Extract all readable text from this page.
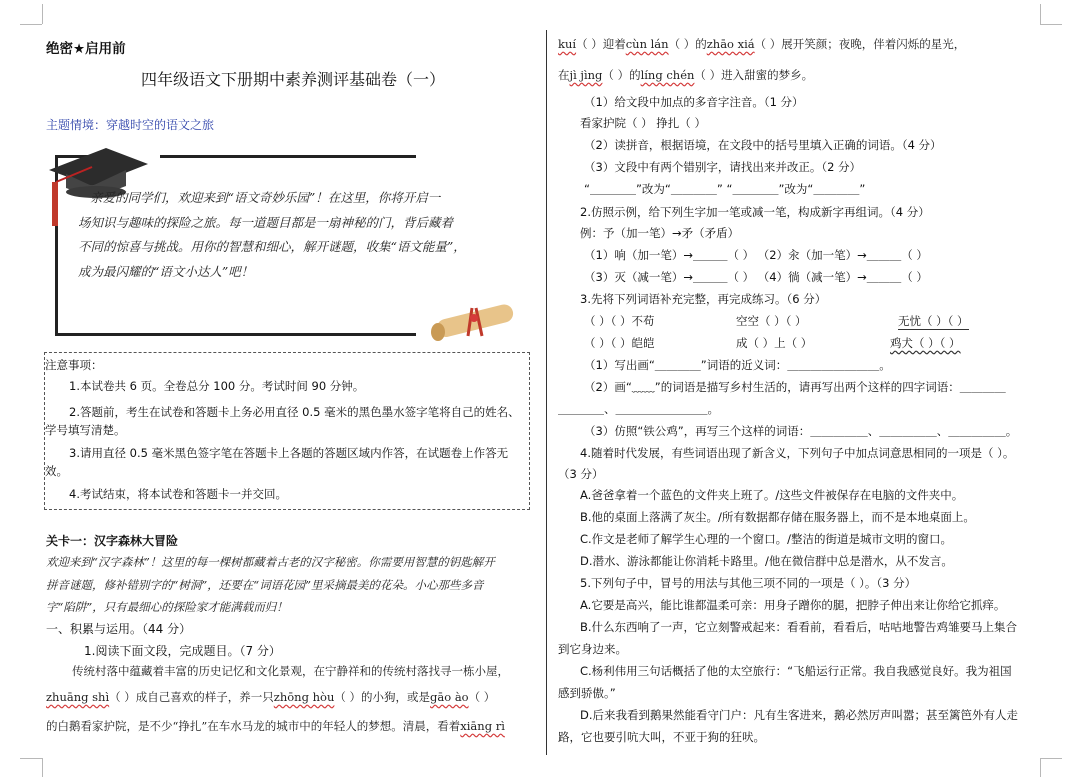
绝密★启用前
四年级语文下册期中素养测评基础卷（一）
主题情境：穿越时空的语文之旅
亲爱的同学们，欢迎来到“语文奇妙乐园”！在这里，你将开启一
场知识与趣味的探险之旅。每一道题目都是一扇神秘的门，背后藏着
不同的惊喜与挑战。用你的智慧和细心，解开谜题，收集“语文能量”，
成为最闪耀的“语文小达人”吧！
注意事项：
1.本试卷共 6 页。全卷总分 100 分。考试时间 90 分钟。
2.答题前，考生在试卷和答题卡上务必用直径 0.5 毫米的黑色墨水签字笔将自己的姓名、
学号填写清楚。
3.请用直径 0.5 毫米黑色签字笔在答题卡上各题的答题区域内作答，在试题卷上作答无
效。
4.考试结束，将本试卷和答题卡一并交回。
关卡一：汉字森林大冒险
欢迎来到“汉字森林”！这里的每一棵树都藏着古老的汉字秘密。你需要用智慧的钥匙解开
拼音谜题，修补错别字的“树洞”，还要在“词语花园”里采摘最美的花朵。小心那些多音
字“陷阱”，只有最细心的探险家才能满载而归！
一、积累与运用。（44 分）
1.阅读下面文段，完成题目。（7 分）
传统村落中蕴藏着丰富的历史记忆和文化景观，在宁静祥和的传统村落找寻一栋小屋，
zhuāng shì（ ）成自己喜欢的样子，养一只zhōng hòu（ ）的小狗，或是gāo ào（ ）
的白鹅看家护院，是不少“挣扎”在车水马龙的城市中的年轻人的梦想。清晨，看着xiāng rì
kuí（ ）迎着cùn lán（ ）的zhāo xiá（ ）展开笑颜；夜晚，伴着闪烁的星光，
在jì jìng（ ）的líng chén（ ）进入甜蜜的梦乡。
（1）给文段中加点的多音字注音。（1 分）
看家护院（ ） 挣扎（ ）
（2）读拼音，根据语境，在文段中的括号里填入正确的词语。（4 分）
（3）文段中有两个错别字，请找出来并改正。（2 分）
“＿＿＿＿”改为“＿＿＿＿” “＿＿＿＿”改为“＿＿＿＿”
2.仿照示例，给下列生字加一笔或减一笔，构成新字再组词。（4 分）
例：予（加一笔）→矛（矛盾）
（1）响（加一笔）→＿＿＿（ ） （2）汆（加一笔）→＿＿＿（ ）
（3）灭（减一笔）→＿＿＿（ ） （4）徜（减一笔）→＿＿＿（ ）
3.先将下列词语补充完整，再完成练习。（6 分）
（ ）（ ）不苟	空空（ ）（ ）	无忧（ ）（ ）
（ ）（ ）皑皑	成（ ）上（ ）	鸡犬（ ）（ ）
（1）写出画“＿＿＿＿”词语的近义词：＿＿＿＿＿＿＿＿。
（2）画“﹏﹏”的词语是描写乡村生活的，请再写出两个这样的四字词语：＿＿＿＿
＿＿＿＿、＿＿＿＿＿＿＿＿。
（3）仿照“铁公鸡”，再写三个这样的词语：＿＿＿＿＿、＿＿＿＿＿、＿＿＿＿＿。
4.随着时代发展，有些词语出现了新含义，下列句子中加点词意思相同的一项是（ ）。
（3 分）
A.爸爸拿着一个蓝色的文件夹上班了。/这些文件被保存在电脑的文件夹中。
B.他的桌面上落满了灰尘。/所有数据都存储在服务器上，而不是本地桌面上。
C.作文是老师了解学生心理的一个窗口。/整洁的街道是城市文明的窗口。
D.潜水、游泳都能让你消耗卡路里。/他在微信群中总是潜水，从不发言。
5.下列句子中，冒号的用法与其他三项不同的一项是（ ）。（3 分）
A.它要是高兴，能比谁都温柔可亲：用身子蹭你的腿，把脖子伸出来让你给它抓痒。
B.什么东西响了一声，它立刻警戒起来：看看前，看看后，咕咕地警告鸡雏要马上集合
到它身边来。
C.杨利伟用三句话概括了他的太空旅行：“飞船运行正常。我自我感觉良好。我为祖国
感到骄傲。”
D.后来我看到鹅果然能看守门户：凡有生客进来，鹅必然厉声叫嚣；甚至篱笆外有人走
路，它也要引吭大叫，不亚于狗的狂吠。
